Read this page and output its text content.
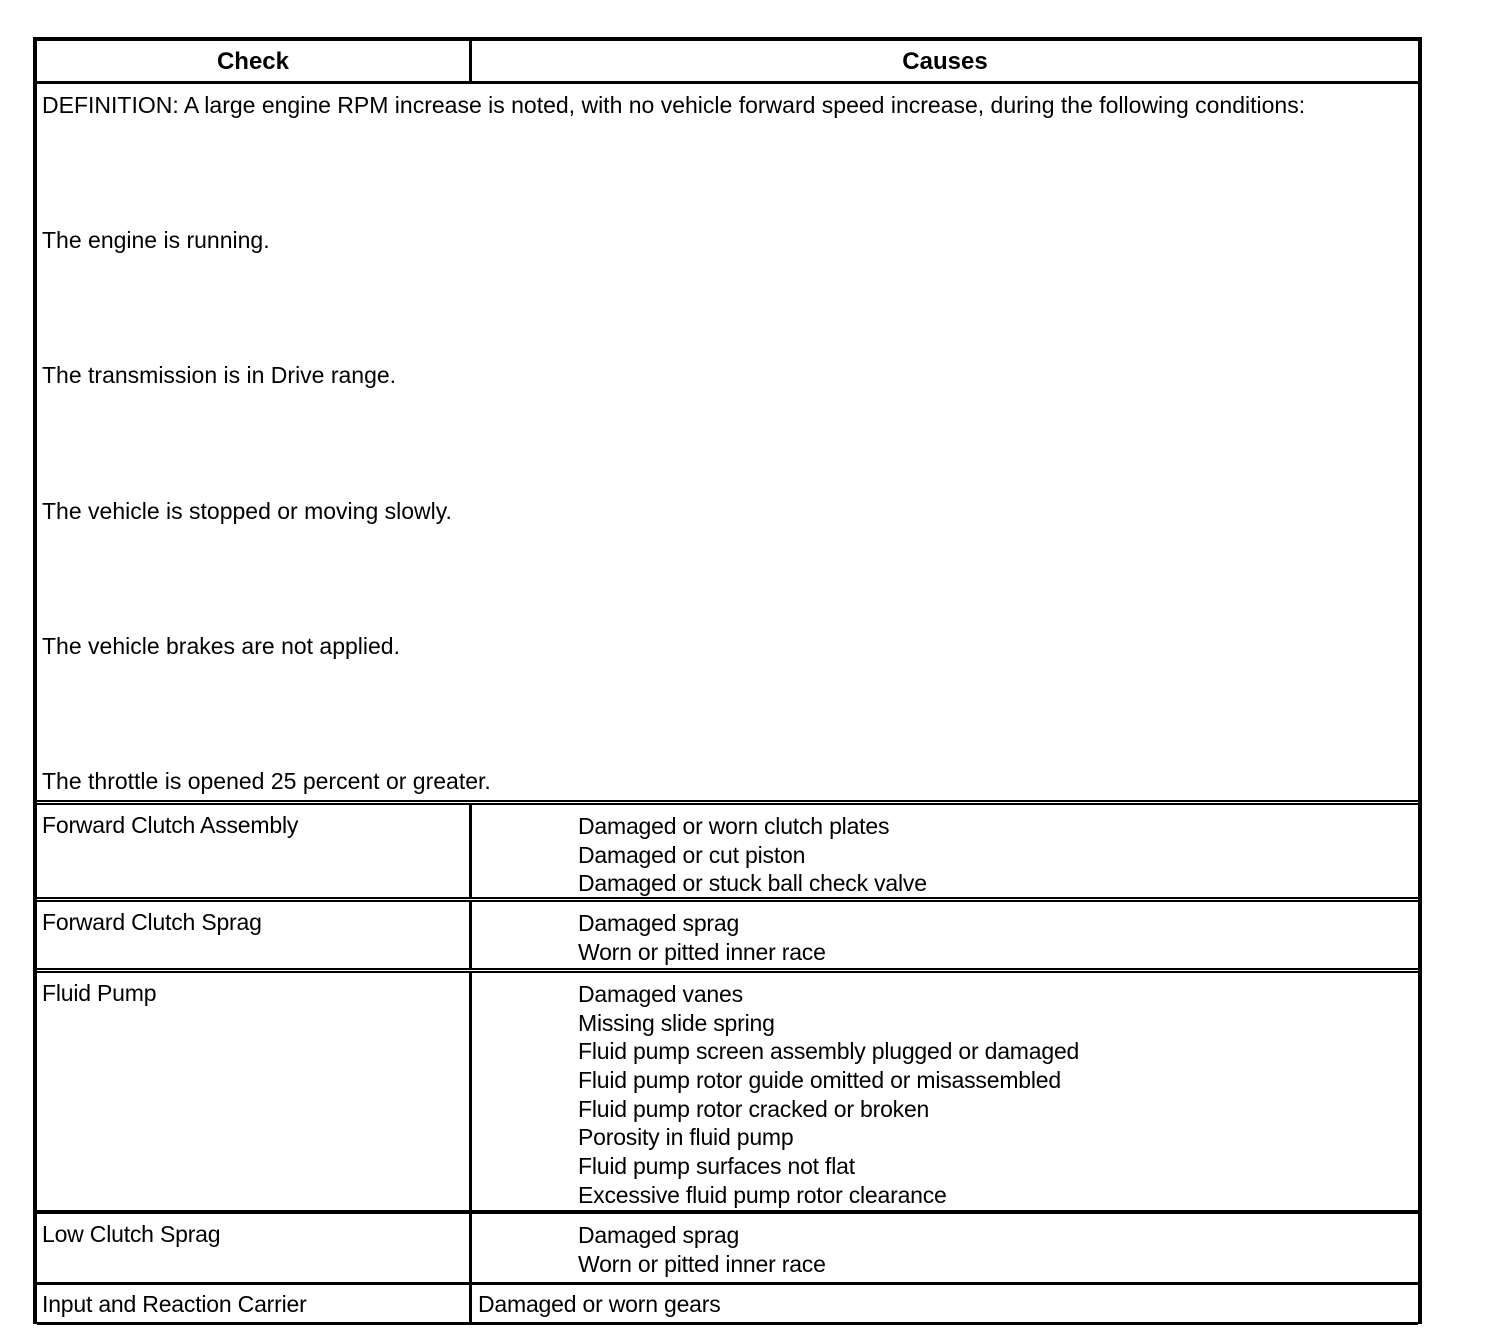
Check	Causes
DEFINITION: A large engine RPM increase is noted, with no vehicle forward speed increase, during the following conditions:
The engine is running.
The transmission is in Drive range.
The vehicle is stopped or moving slowly.
The vehicle brakes are not applied.
The throttle is opened 25 percent or greater.
Forward Clutch Assembly	Damaged or worn clutch plates
Damaged or cut piston
Damaged or stuck ball check valve
Forward Clutch Sprag	Damaged sprag
Worn or pitted inner race
Fluid Pump	Damaged vanes
Missing slide spring
Fluid pump screen assembly plugged or damaged
Fluid pump rotor guide omitted or misassembled
Fluid pump rotor cracked or broken
Porosity in fluid pump
Fluid pump surfaces not flat
Excessive fluid pump rotor clearance
Low Clutch Sprag	Damaged sprag
Worn or pitted inner race
Input and Reaction Carrier	Damaged or worn gears
